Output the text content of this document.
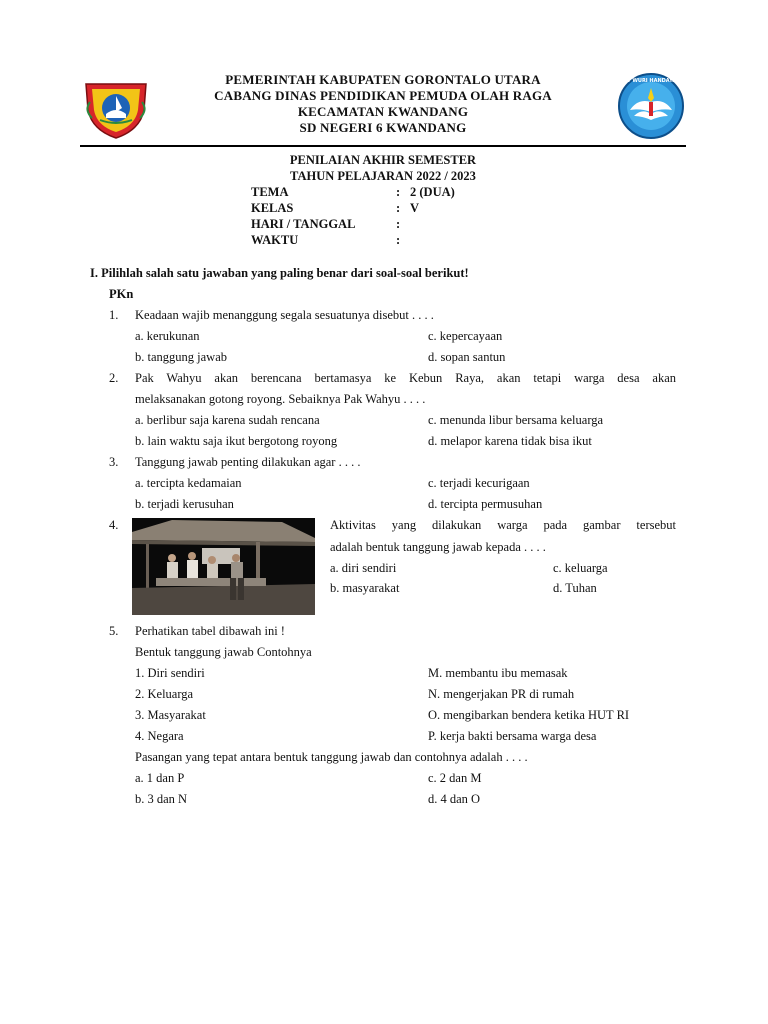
TUT WURI HANDAYANI
PEMERINTAH KABUPATEN GORONTALO UTARA
CABANG DINAS PENDIDIKAN PEMUDA OLAH RAGA
KECAMATAN KWANDANG
SD NEGERI 6 KWANDANG
PENILAIAN AKHIR SEMESTER
TAHUN PELAJARAN 2022 / 2023
TEMA	: 2 (DUA)
KELAS	: V
HARI / TANGGAL	:
WAKTU	:
I. Pilihlah salah satu jawaban yang paling benar dari soal-soal berikut!
PKn
1. Keadaan wajib menanggung segala sesuatunya disebut . . . .
a. kerukunan	c. kepercayaan
b. tanggung jawab	d. sopan santun
2. Pak Wahyu akan berencana bertamasya ke Kebun Raya, akan tetapi warga desa akan
melaksanakan gotong royong. Sebaiknya Pak Wahyu . . . .
a. berlibur saja karena sudah rencana	c. menunda libur bersama keluarga
b. lain waktu saja ikut bergotong royong	d. melapor karena tidak bisa ikut
3. Tanggung jawab penting dilakukan agar . . . .
a. tercipta kedamaian	c. terjadi kecurigaan
b. terjadi kerusuhan	d. tercipta permusuhan
4.	Aktivitas yang dilakukan warga pada gambar tersebut
adalah bentuk tanggung jawab kepada . . . .
a. diri sendiri	c. keluarga
b. masyarakat	d. Tuhan
5. Perhatikan tabel dibawah ini !
Bentuk tanggung jawab Contohnya
1. Diri sendiri	M. membantu ibu memasak
2. Keluarga	N. mengerjakan PR di rumah
3. Masyarakat	O. mengibarkan bendera ketika HUT RI
4. Negara	P. kerja bakti bersama warga desa
Pasangan yang tepat antara bentuk tanggung jawab dan contohnya adalah . . . .
a. 1 dan P	c. 2 dan M
b. 3 dan N	d. 4 dan O
